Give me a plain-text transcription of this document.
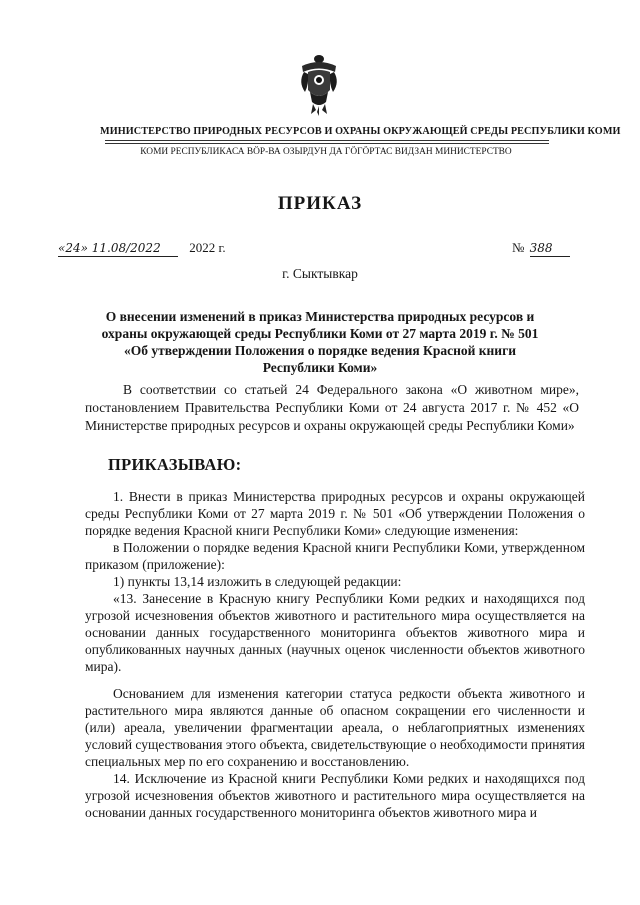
МИНИСТЕРСТВО ПРИРОДНЫХ РЕСУРСОВ И ОХРАНЫ ОКРУЖАЮЩЕЙ СРЕДЫ РЕСПУБЛИКИ КОМИ
КОМИ РЕСПУБЛИКАСА ВӦР-ВА ОЗЫРДУН ДА ГӦГӦРТАС ВИДЗАН МИНИСТЕРСТВО
ПРИКАЗ
«24» 11.08/2022 2022 г.	№ 388
г. Сыктывкар
О внесении изменений в приказ Министерства природных ресурсов и охраны окружающей среды Республики Коми от 27 марта 2019 г. № 501 «Об утверждении Положения о порядке ведения Красной книги Республики Коми»
В соответствии со статьей 24 Федерального закона «О животном мире», постановлением Правительства Республики Коми от 24 августа 2017 г. № 452 «О Министерстве природных ресурсов и охраны окружающей среды Республики Коми»
ПРИКАЗЫВАЮ:

1. Внести в приказ Министерства природных ресурсов и охраны окружающей среды Республики Коми от 27 марта 2019 г. № 501 «Об утверждении Положения о порядке ведения Красной книги Республики Коми» следующие изменения:

в Положении о порядке ведения Красной книги Республики Коми, утвержденном приказом (приложение):

1) пункты 13,14 изложить в следующей редакции:

«13. Занесение в Красную книгу Республики Коми редких и находящихся под угрозой исчезновения объектов животного и растительного мира осуществляется на основании данных государственного мониторинга объектов животного мира и опубликованных научных данных (научных оценок численности объектов животного мира).

Основанием для изменения категории статуса редкости объекта животного и растительного мира являются данные об опасном сокращении его численности и (или) ареала, увеличении фрагментации ареала, о неблагоприятных изменениях условий существования этого объекта, свидетельствующие о необходимости принятия специальных мер по его сохранению и восстановлению.

14. Исключение из Красной книги Республики Коми редких и находящихся под угрозой исчезновения объектов животного и растительного мира осуществляется на основании данных государственного мониторинга объектов животного мира и
